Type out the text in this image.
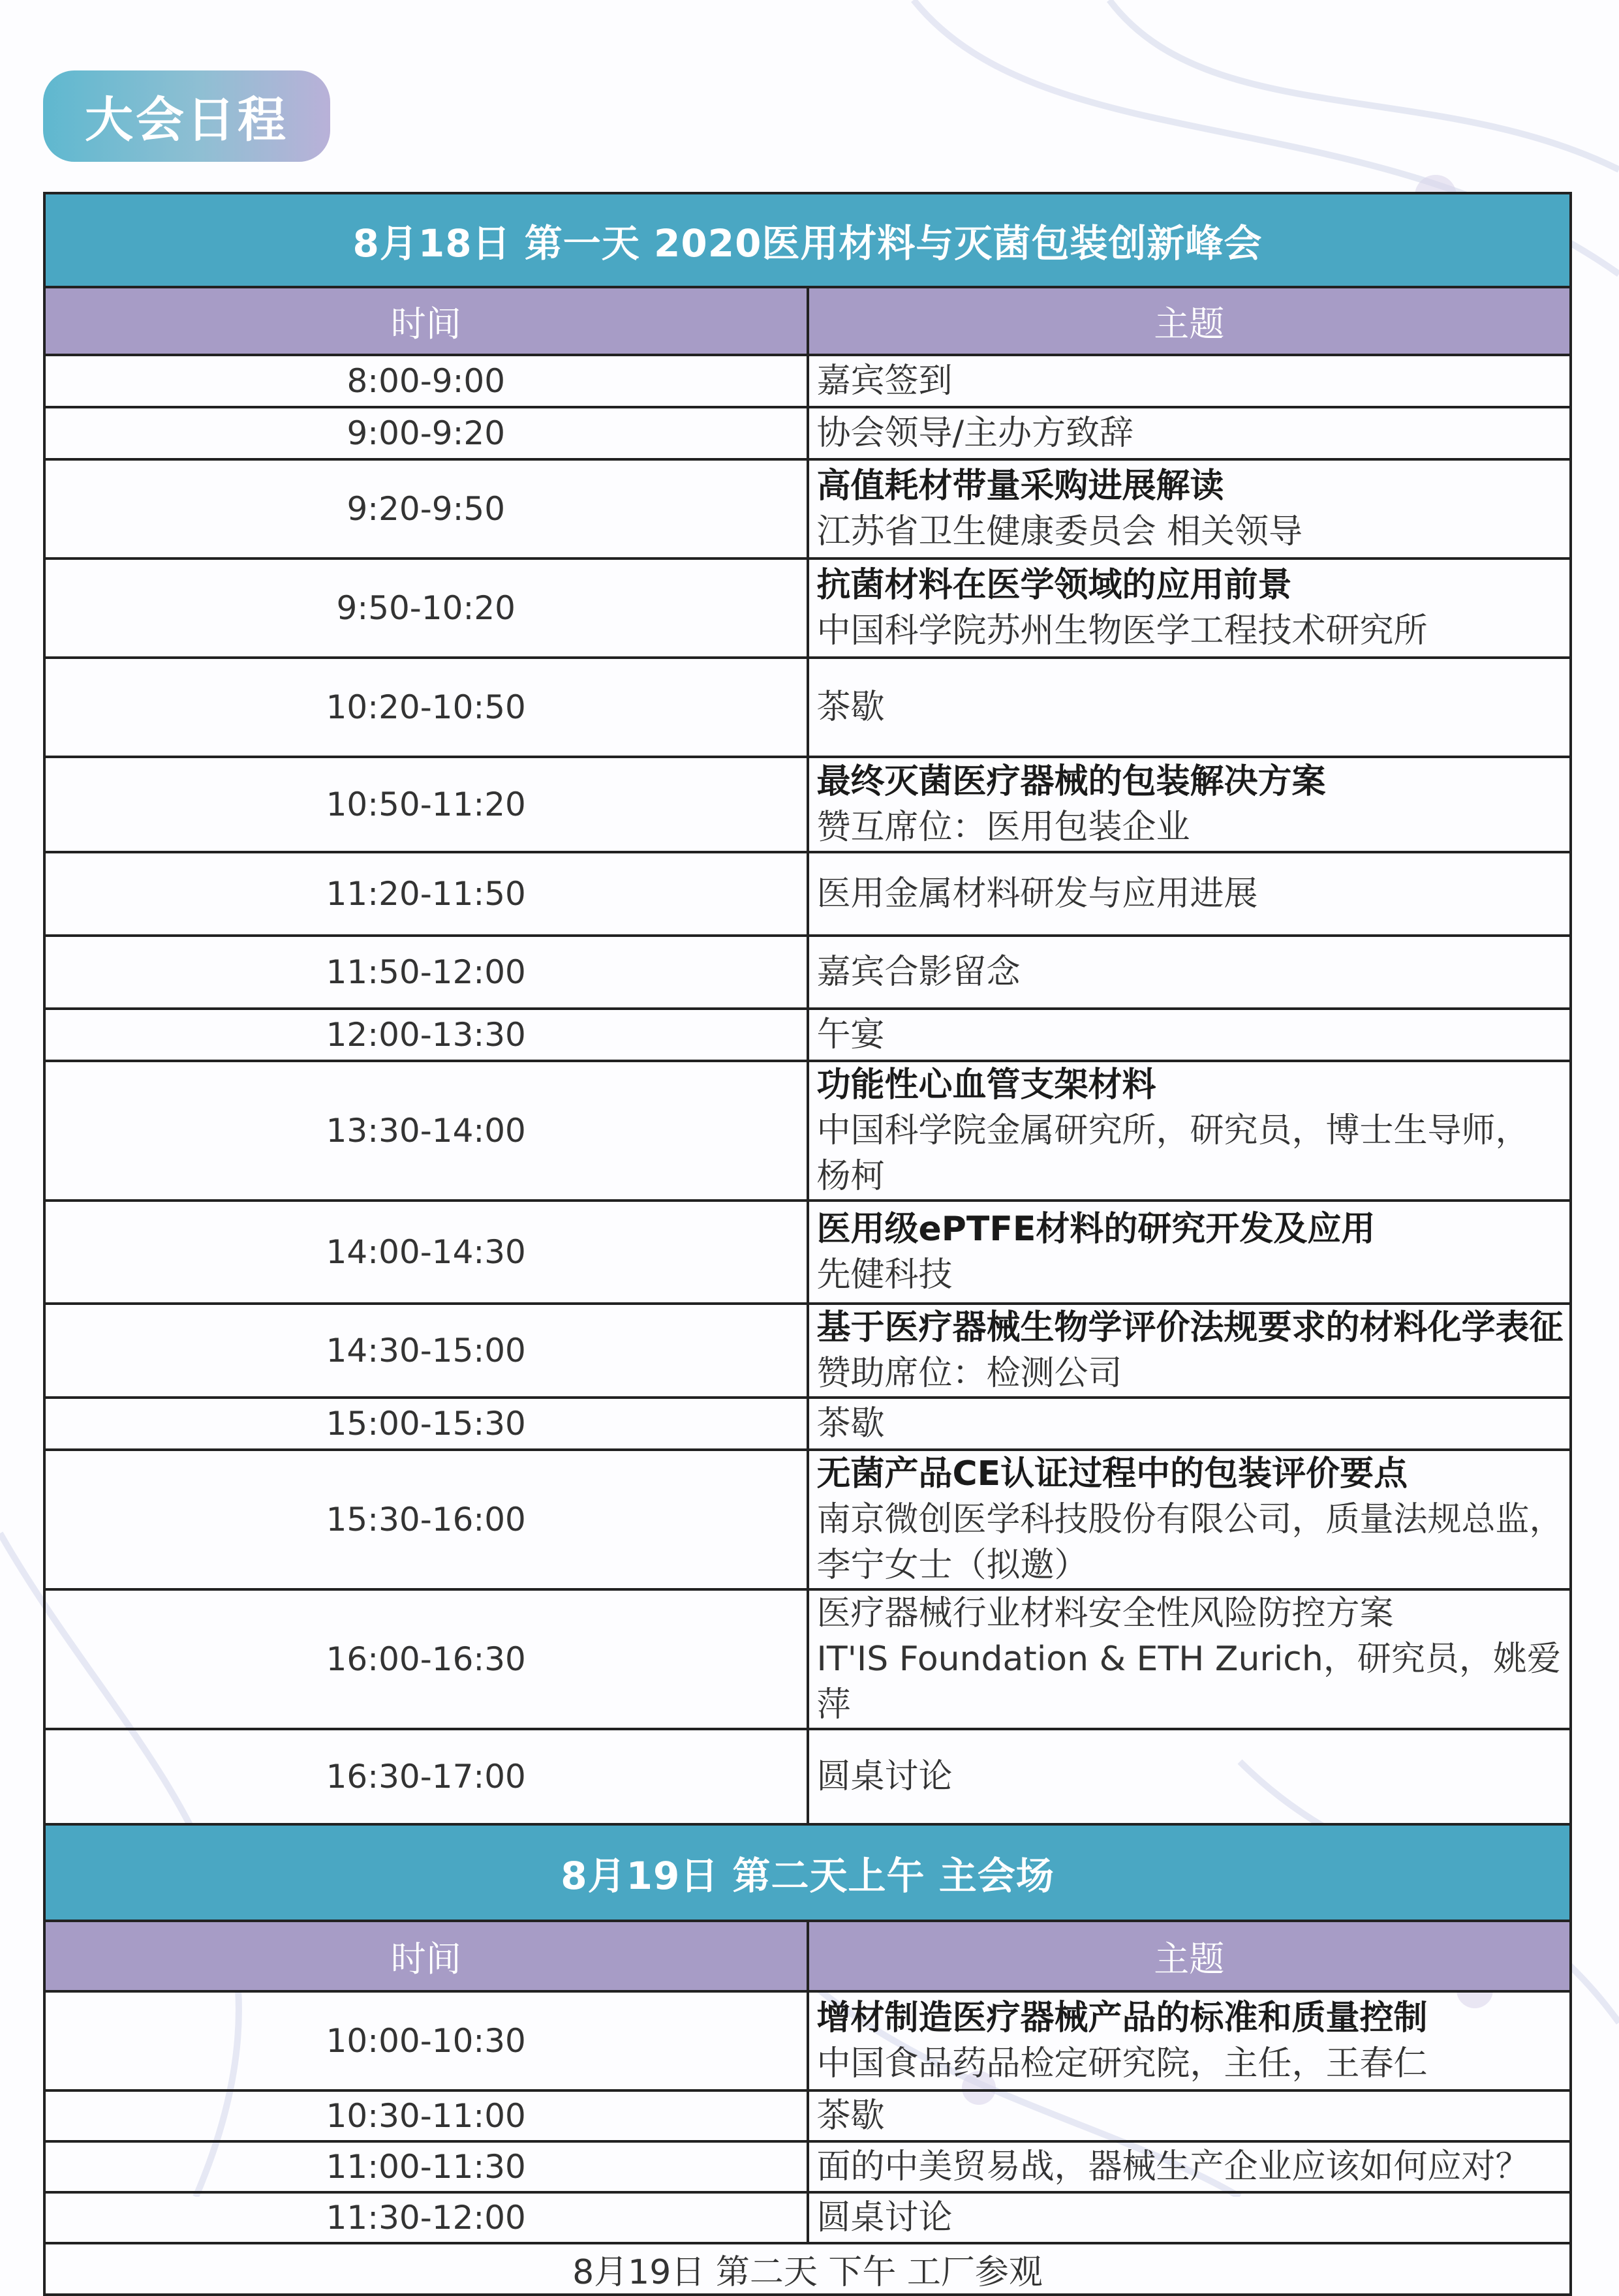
大会日程
8月18日 第一天 2020医用材料与灭菌包装创新峰会	
时间	主题
8:00-9:00	嘉宾签到

9:00-9:20	协会领导/主办方致辞

9:20-9:50	高值耗材带量采购进展解读
江苏省卫生健康委员会 相关领导

9:50-10:20	抗菌材料在医学领域的应用前景
中国科学院苏州生物医学工程技术研究所

10:20-10:50	茶歇

10:50-11:20	最终灭菌医疗器械的包装解决方案
赞互席位：医用包装企业

11:20-11:50	医用金属材料研发与应用进展

11:50-12:00	嘉宾合影留念

12:00-13:30	午宴

13:30-14:00	功能性心血管支架材料
中国科学院金属研究所，研究员，博士生导师， 杨柯

14:00-14:30	医用级ePTFE材料的研究开发及应用
先健科技

14:30-15:00	基于医疗器械生物学评价法规要求的材料化学表征
赞助席位：检测公司

15:00-15:30	茶歇

15:30-16:00	无菌产品CE认证过程中的包装评价要点
南京微创医学科技股份有限公司，质量法规总监，李宁女士（拟邀）

16:00-16:30	医疗器械行业材料安全性风险防控方案
IT'IS Foundation & ETH Zurich，研究员，姚爱萍

16:30-17:00	圆桌讨论

8月19日 第二天上午 主会场	
时间	主题
10:00-10:30	增材制造医疗器械产品的标准和质量控制
中国食品药品检定研究院，主任，王春仁

10:30-11:00	茶歇

11:00-11:30	面的中美贸易战，器械生产企业应该如何应对？

11:30-12:00	圆桌讨论

8月19日 第二天 下午 工厂参观	
